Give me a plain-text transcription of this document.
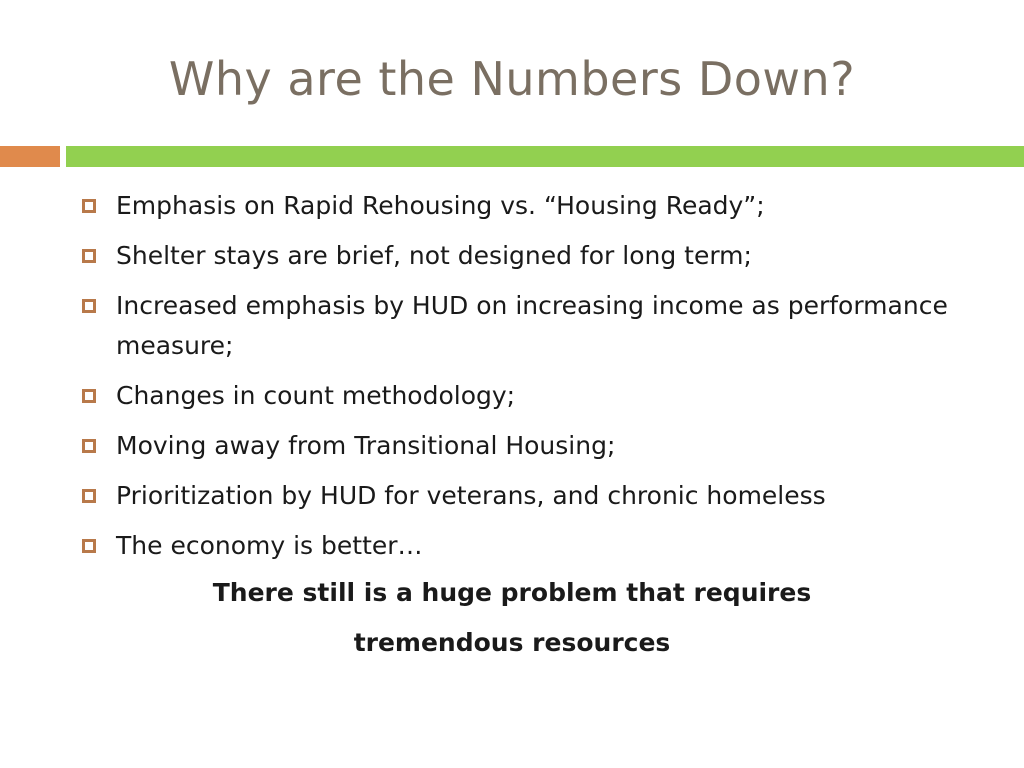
Why are the Numbers Down?
Emphasis on Rapid Rehousing vs. “Housing Ready”;
Shelter stays are brief, not designed for long term;
Increased emphasis by HUD on increasing income as performance measure;
Changes in count methodology;
Moving away from Transitional Housing;
Prioritization by HUD for veterans, and chronic homeless
The economy is better…
There still is a huge problem that requires
tremendous resources
